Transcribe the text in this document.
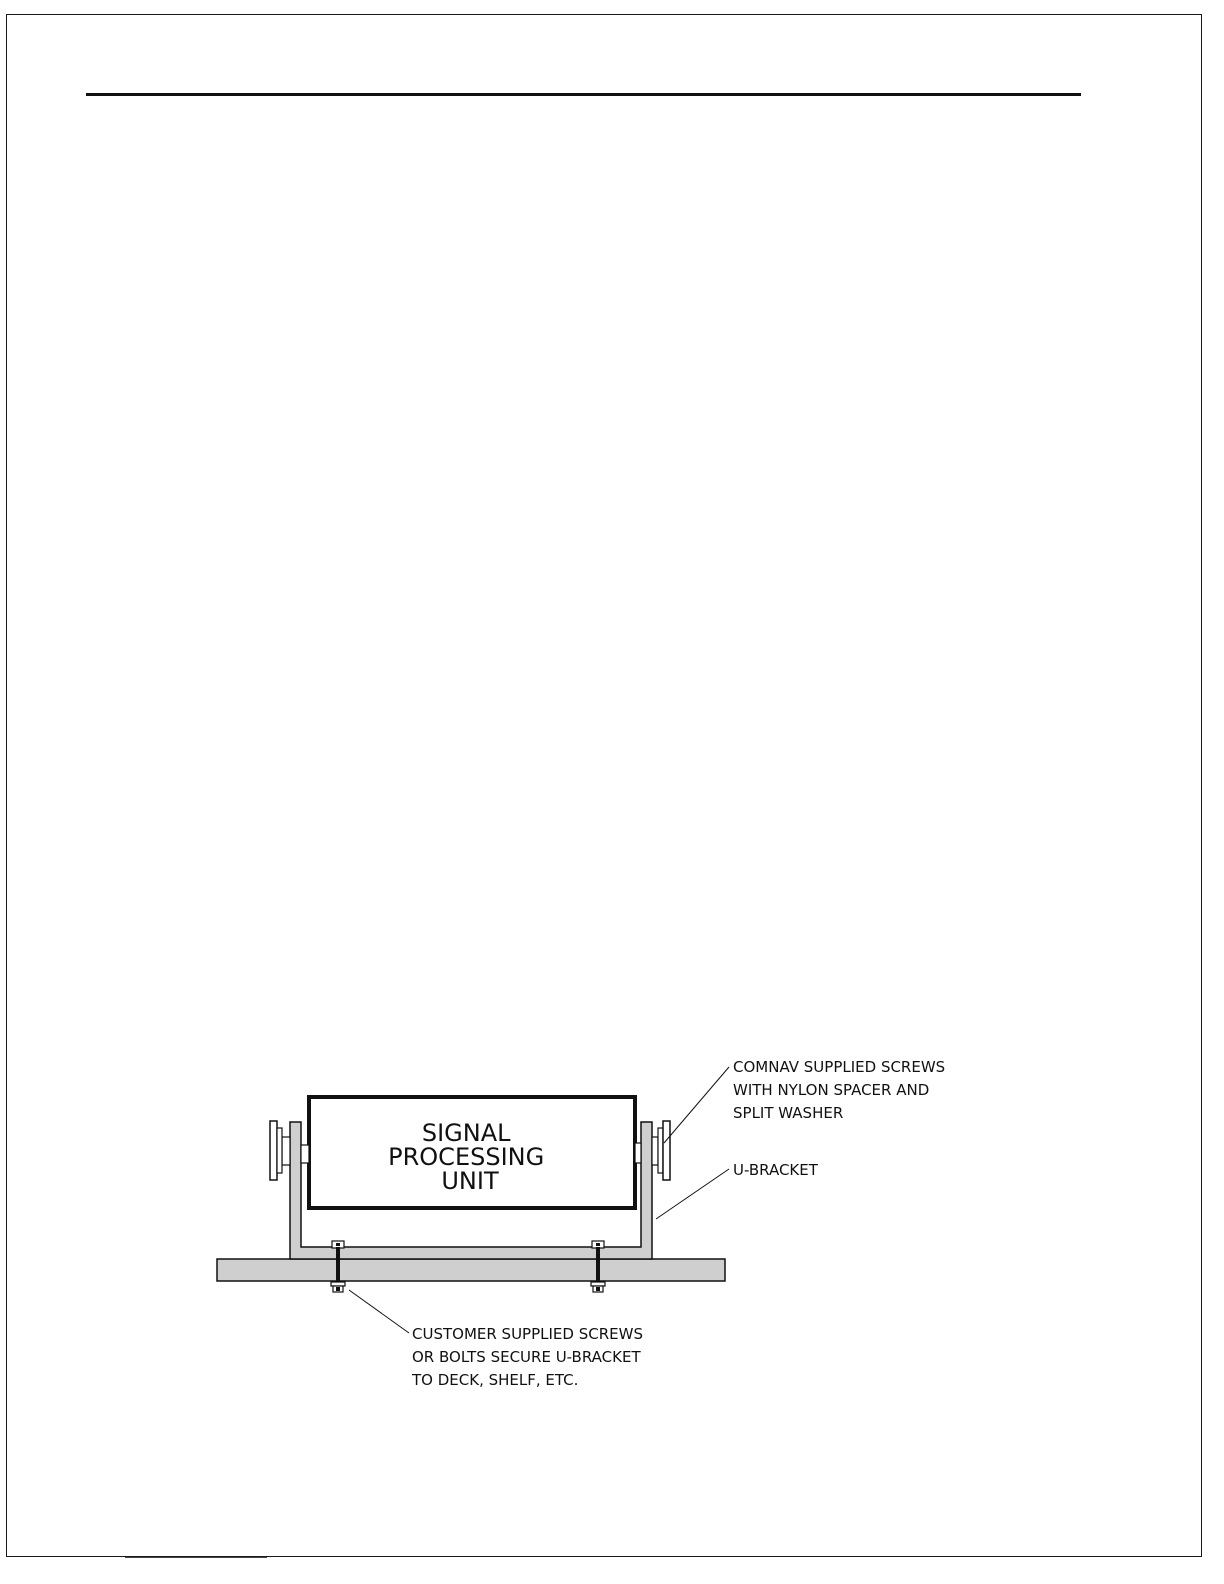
SIGNAL PROCESSING UNIT
COMNAV SUPPLIED SCREWS WITH NYLON SPACER AND SPLIT WASHER
U-BRACKET
CUSTOMER SUPPLIED SCREWS OR BOLTS SECURE U-BRACKET TO DECK, SHELF, ETC.
